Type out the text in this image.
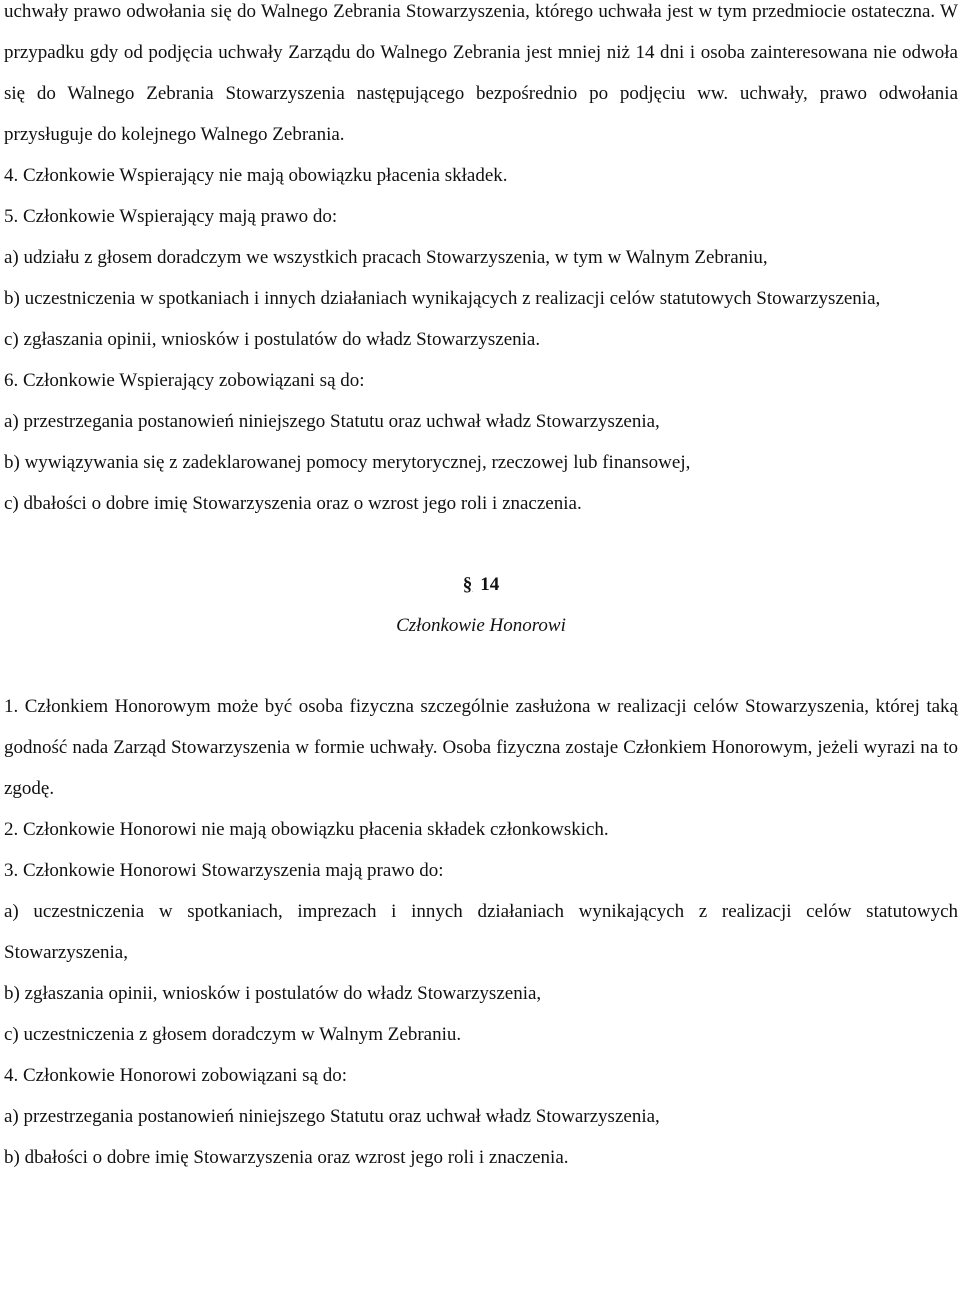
uchwały prawo odwołania się do Walnego Zebrania Stowarzyszenia, którego uchwała jest w tym przedmiocie ostateczna. W przypadku gdy od podjęcia uchwały Zarządu do Walnego Zebrania jest mniej niż 14 dni i osoba zainteresowana nie odwoła się do Walnego Zebrania Stowarzyszenia następującego bezpośrednio po podjęciu ww. uchwały, prawo odwołania przysługuje do kolejnego Walnego Zebrania.

4. Członkowie Wspierający nie mają obowiązku płacenia składek.

5. Członkowie Wspierający mają prawo do:

a) udziału z głosem doradczym we wszystkich pracach Stowarzyszenia, w tym w Walnym Zebraniu,

b) uczestniczenia w spotkaniach i innych działaniach wynikających z realizacji celów statutowych Stowarzyszenia,

c) zgłaszania opinii, wniosków i postulatów do władz Stowarzyszenia.

6. Członkowie Wspierający zobowiązani są do:

a) przestrzegania postanowień niniejszego Statutu oraz uchwał władz Stowarzyszenia,

b) wywiązywania się z zadeklarowanej pomocy merytorycznej, rzeczowej lub finansowej,

c) dbałości o dobre imię Stowarzyszenia oraz o wzrost jego roli i znaczenia.

§ 14

Członkowie Honorowi

1. Członkiem Honorowym może być osoba fizyczna szczególnie zasłużona w realizacji celów Stowarzyszenia, której taką godność nada Zarząd Stowarzyszenia w formie uchwały. Osoba fizyczna zostaje Członkiem Honorowym, jeżeli wyrazi na to zgodę.

2. Członkowie Honorowi nie mają obowiązku płacenia składek członkowskich.

3. Członkowie Honorowi Stowarzyszenia mają prawo do:

a) uczestniczenia w spotkaniach, imprezach i innych działaniach wynikających z realizacji celów statutowych Stowarzyszenia,

b) zgłaszania opinii, wniosków i postulatów do władz Stowarzyszenia,

c) uczestniczenia z głosem doradczym w Walnym Zebraniu.

4. Członkowie Honorowi zobowiązani są do:

a) przestrzegania postanowień niniejszego Statutu oraz uchwał władz Stowarzyszenia,

b) dbałości o dobre imię Stowarzyszenia oraz wzrost jego roli i znaczenia.
